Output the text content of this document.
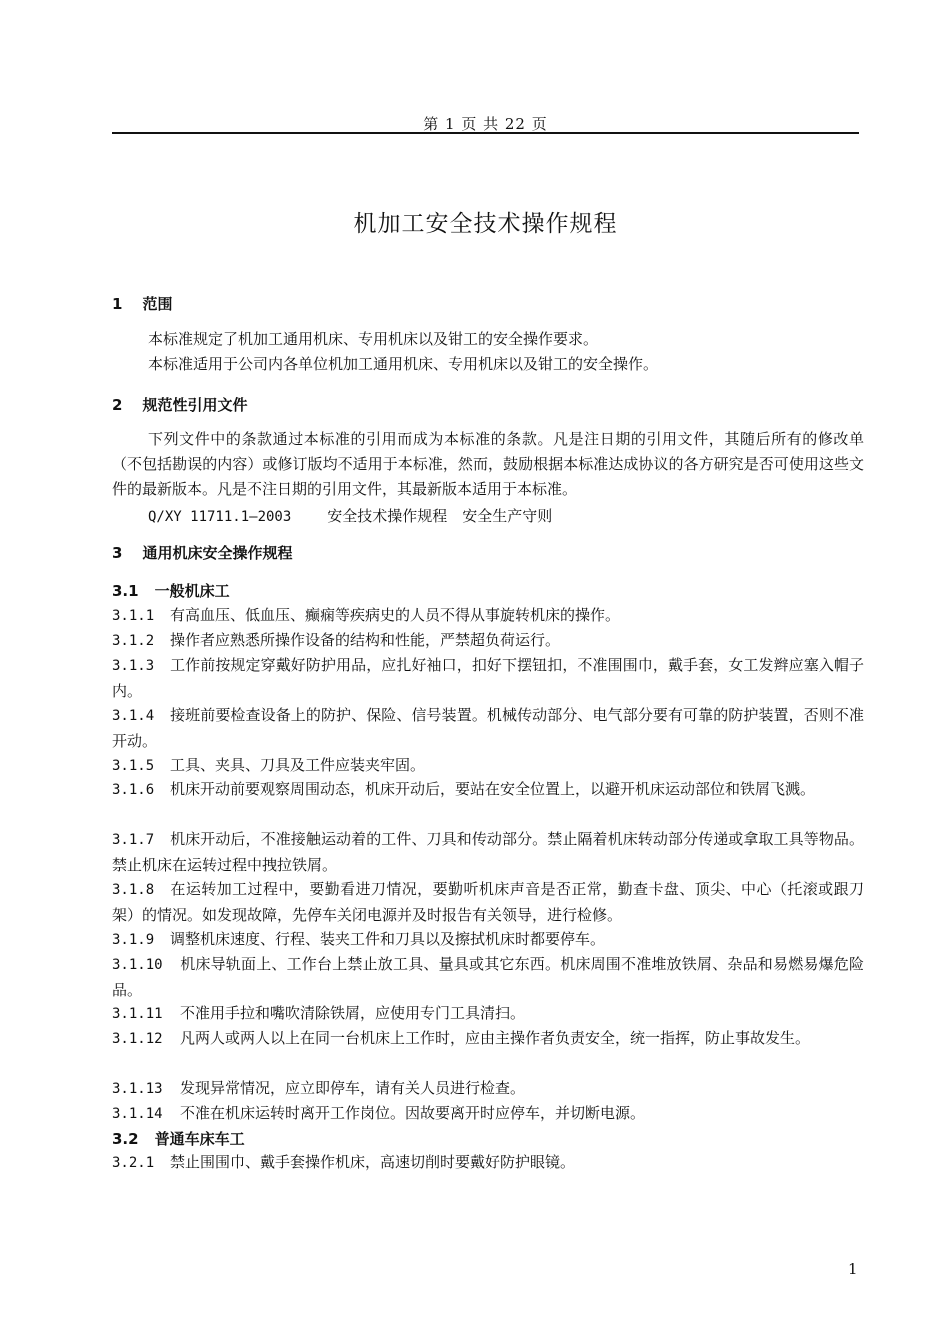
第 1 页 共 22 页
机加工安全技术操作规程
1 范围
本标准规定了机加工通用机床、专用机床以及钳工的安全操作要求。
本标准适用于公司内各单位机加工通用机床、专用机床以及钳工的安全操作。
2 规范性引用文件
下列文件中的条款通过本标准的引用而成为本标准的条款。凡是注日期的引用文件，其随后所有的修改单（不包括勘误的内容）或修订版均不适用于本标准，然而，鼓励根据本标准达成协议的各方研究是否可使用这些文件的最新版本。凡是不注日期的引用文件，其最新版本适用于本标准。
Q/XY 11711.1—2003 安全技术操作规程　安全生产守则
3 通用机床安全操作规程
3.1 一般机床工
3.1.1 有高血压、低血压、癫痫等疾病史的人员不得从事旋转机床的操作。
3.1.2 操作者应熟悉所操作设备的结构和性能，严禁超负荷运行。
3.1.3 工作前按规定穿戴好防护用品，应扎好袖口，扣好下摆钮扣，不准围围巾，戴手套，女工发辫应塞入帽子内。
3.1.4 接班前要检查设备上的防护、保险、信号装置。机械传动部分、电气部分要有可靠的防护装置，否则不准开动。
3.1.5 工具、夹具、刀具及工件应装夹牢固。
3.1.6 机床开动前要观察周围动态，机床开动后，要站在安全位置上，以避开机床运动部位和铁屑飞溅。
3.1.7 机床开动后，不准接触运动着的工件、刀具和传动部分。禁止隔着机床转动部分传递或拿取工具等物品。禁止机床在运转过程中拽拉铁屑。
3.1.8 在运转加工过程中，要勤看进刀情况，要勤听机床声音是否正常，勤查卡盘、顶尖、中心（托滚或跟刀架）的情况。如发现故障，先停车关闭电源并及时报告有关领导，进行检修。
3.1.9 调整机床速度、行程、装夹工件和刀具以及擦拭机床时都要停车。
3.1.10 机床导轨面上、工作台上禁止放工具、量具或其它东西。机床周围不准堆放铁屑、杂品和易燃易爆危险品。
3.1.11 不准用手拉和嘴吹清除铁屑，应使用专门工具清扫。
3.1.12 凡两人或两人以上在同一台机床上工作时，应由主操作者负责安全，统一指挥，防止事故发生。
3.1.13 发现异常情况，应立即停车，请有关人员进行检查。
3.1.14 不准在机床运转时离开工作岗位。因故要离开时应停车，并切断电源。
3.2 普通车床车工
3.2.1 禁止围围巾、戴手套操作机床，高速切削时要戴好防护眼镜。
1
